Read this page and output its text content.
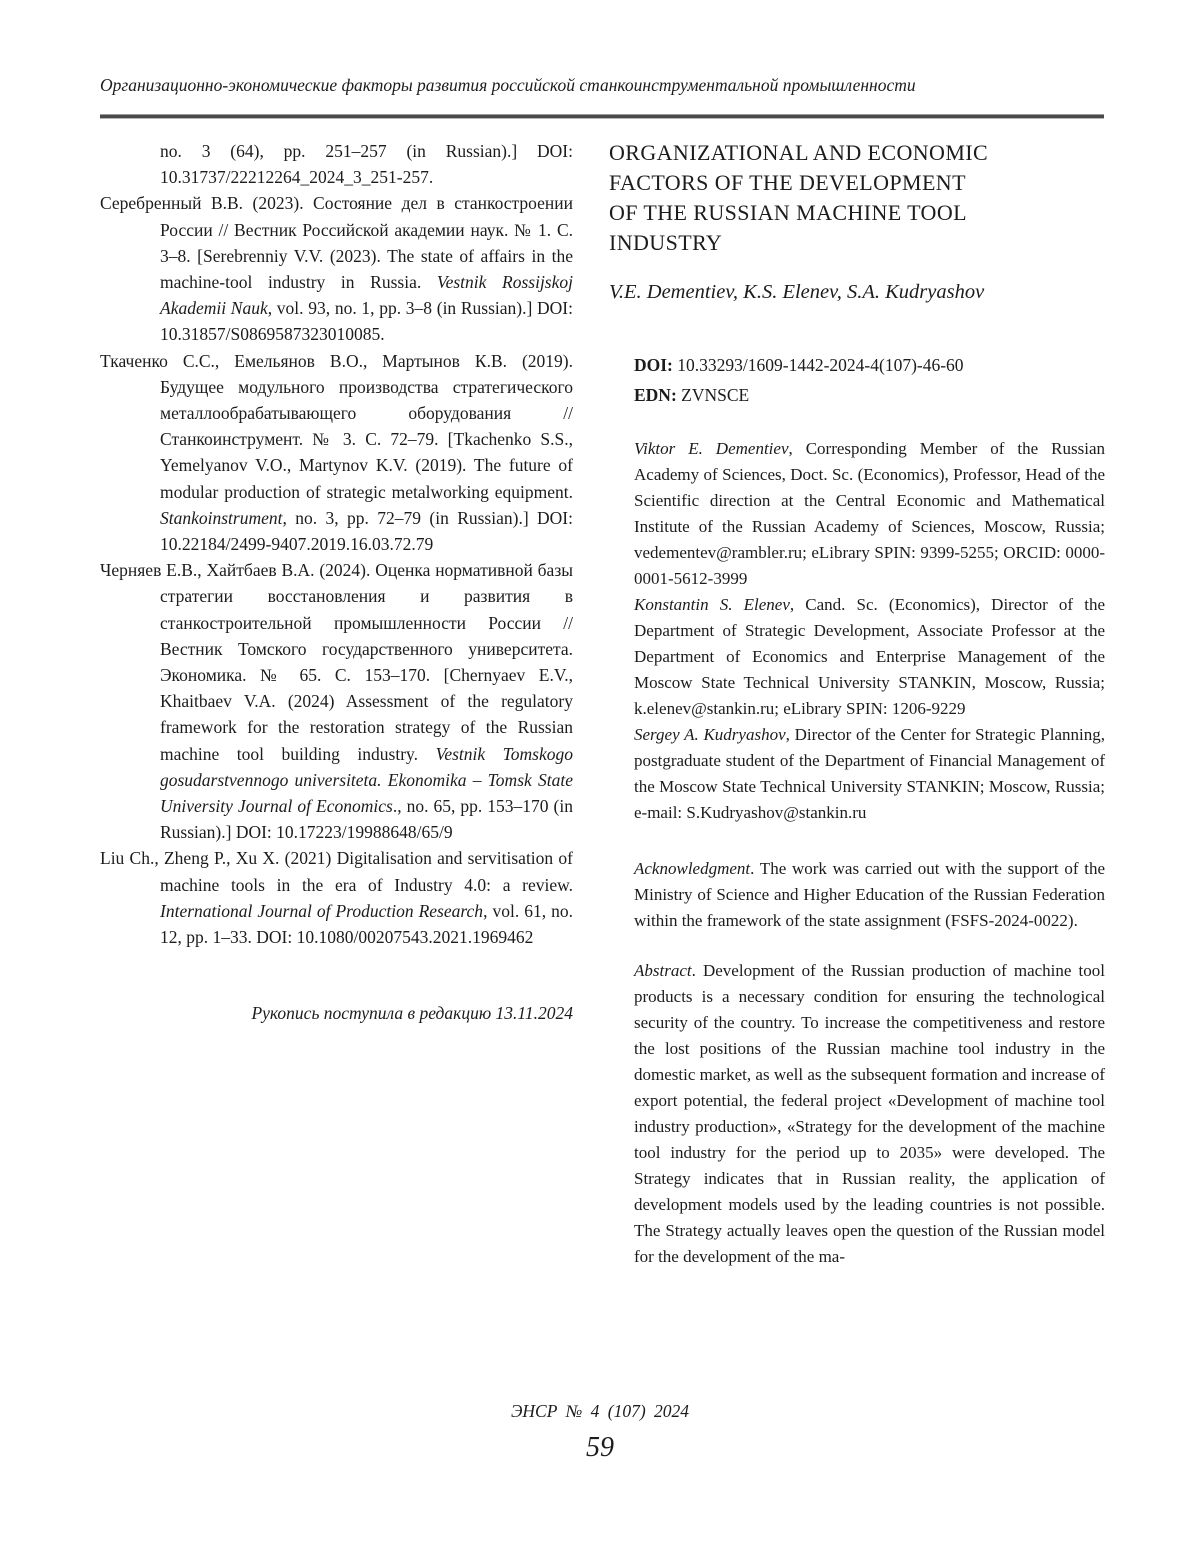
Организационно-экономические факторы развития российской станкоинструментальной промышленности

no. 3 (64), pp. 251–257 (in Russian).] DOI: 10.31737/22212264_2024_3_251-257.

Серебренный В.В. (2023). Состояние дел в станкостроении России // Вестник Российской академии наук. № 1. С. 3–8. [Serebrenniy V.V. (2023). The state of affairs in the machine-tool industry in Russia. Vestnik Rossijskoj Akademii Nauk, vol. 93, no. 1, pp. 3–8 (in Russian).] DOI: 10.31857/S0869587323010085.

Ткаченко С.С., Емельянов В.О., Мартынов К.В. (2019). Будущее модульного производства стратегического металлообрабатывающего оборудования // Станкоинструмент. № 3. С. 72–79. [Tkachenko S.S., Yemelyanov V.O., Martynov K.V. (2019). The future of modular production of strategic metalworking equipment. Stankoinstrument, no. 3, pp. 72–79 (in Russian).] DOI: 10.22184/2499-9407.2019.16.03.72.79

Черняев Е.В., Хайтбаев В.А. (2024). Оценка нормативной базы стратегии восстановления и развития в станкостроительной промышленности России // Вестник Томского государственного университета. Экономика. № 65. С. 153–170. [Chernyaev E.V., Khaitbaev V.A. (2024) Assessment of the regulatory framework for the restoration strategy of the Russian machine tool building industry. Vestnik Tomskogo gosudarstvennogo universiteta. Ekonomika – Tomsk State University Journal of Economics., no. 65, pp. 153–170 (in Russian).] DOI: 10.17223/19988648/65/9

Liu Ch., Zheng P., Xu X. (2021) Digitalisation and servitisation of machine tools in the era of Industry 4.0: a review. International Journal of Production Research, vol. 61, no. 12, pp. 1–33. DOI: 10.1080/00207543.2021.1969462

Рукопись поступила в редакцию 13.11.2024
ORGANIZATIONAL AND ECONOMIC
FACTORS OF THE DEVELOPMENT
OF THE RUSSIAN MACHINE TOOL
INDUSTRY
V.E. Dementiev, K.S. Elenev, S.A. Kudryashov
DOI: 10.33293/1609-1442-2024-4(107)-46-60
EDN: ZVNSCE

Viktor E. Dementiev, Corresponding Member of the Russian Academy of Sciences, Doct. Sc. (Economics), Professor, Head of the Scientific direction at the Central Economic and Mathematical Institute of the Russian Academy of Sciences, Moscow, Russia; vedementev@rambler.ru; eLibrary SPIN: 9399-5255; ORCID: 0000-0001-5612-3999

Konstantin S. Elenev, Cand. Sc. (Economics), Director of the Department of Strategic Development, Associate Professor at the Department of Economics and Enterprise Management of the Moscow State Technical University STANKIN, Moscow, Russia; k.elenev@stankin.ru; eLibrary SPIN: 1206-9229

Sergey A. Kudryashov, Director of the Center for Strategic Planning, postgraduate student of the Department of Financial Management of the Moscow State Technical University STANKIN; Moscow, Russia; e-mail: S.Kudryashov@stankin.ru

Acknowledgment. The work was carried out with the support of the Ministry of Science and Higher Education of the Russian Federation within the framework of the state assignment (FSFS-2024-0022).

Abstract. Development of the Russian production of machine tool products is a necessary condition for ensuring the technological security of the country. To increase the competitiveness and restore the lost positions of the Russian machine tool industry in the domestic market, as well as the subsequent formation and increase of export potential, the federal project «Development of machine tool industry production», «Strategy for the development of the machine tool industry for the period up to 2035» were developed. The Strategy indicates that in Russian reality, the application of development models used by the leading countries is not possible. The Strategy actually leaves open the question of the Russian model for the development of the ma-

ЭНСР № 4 (107) 2024
59
